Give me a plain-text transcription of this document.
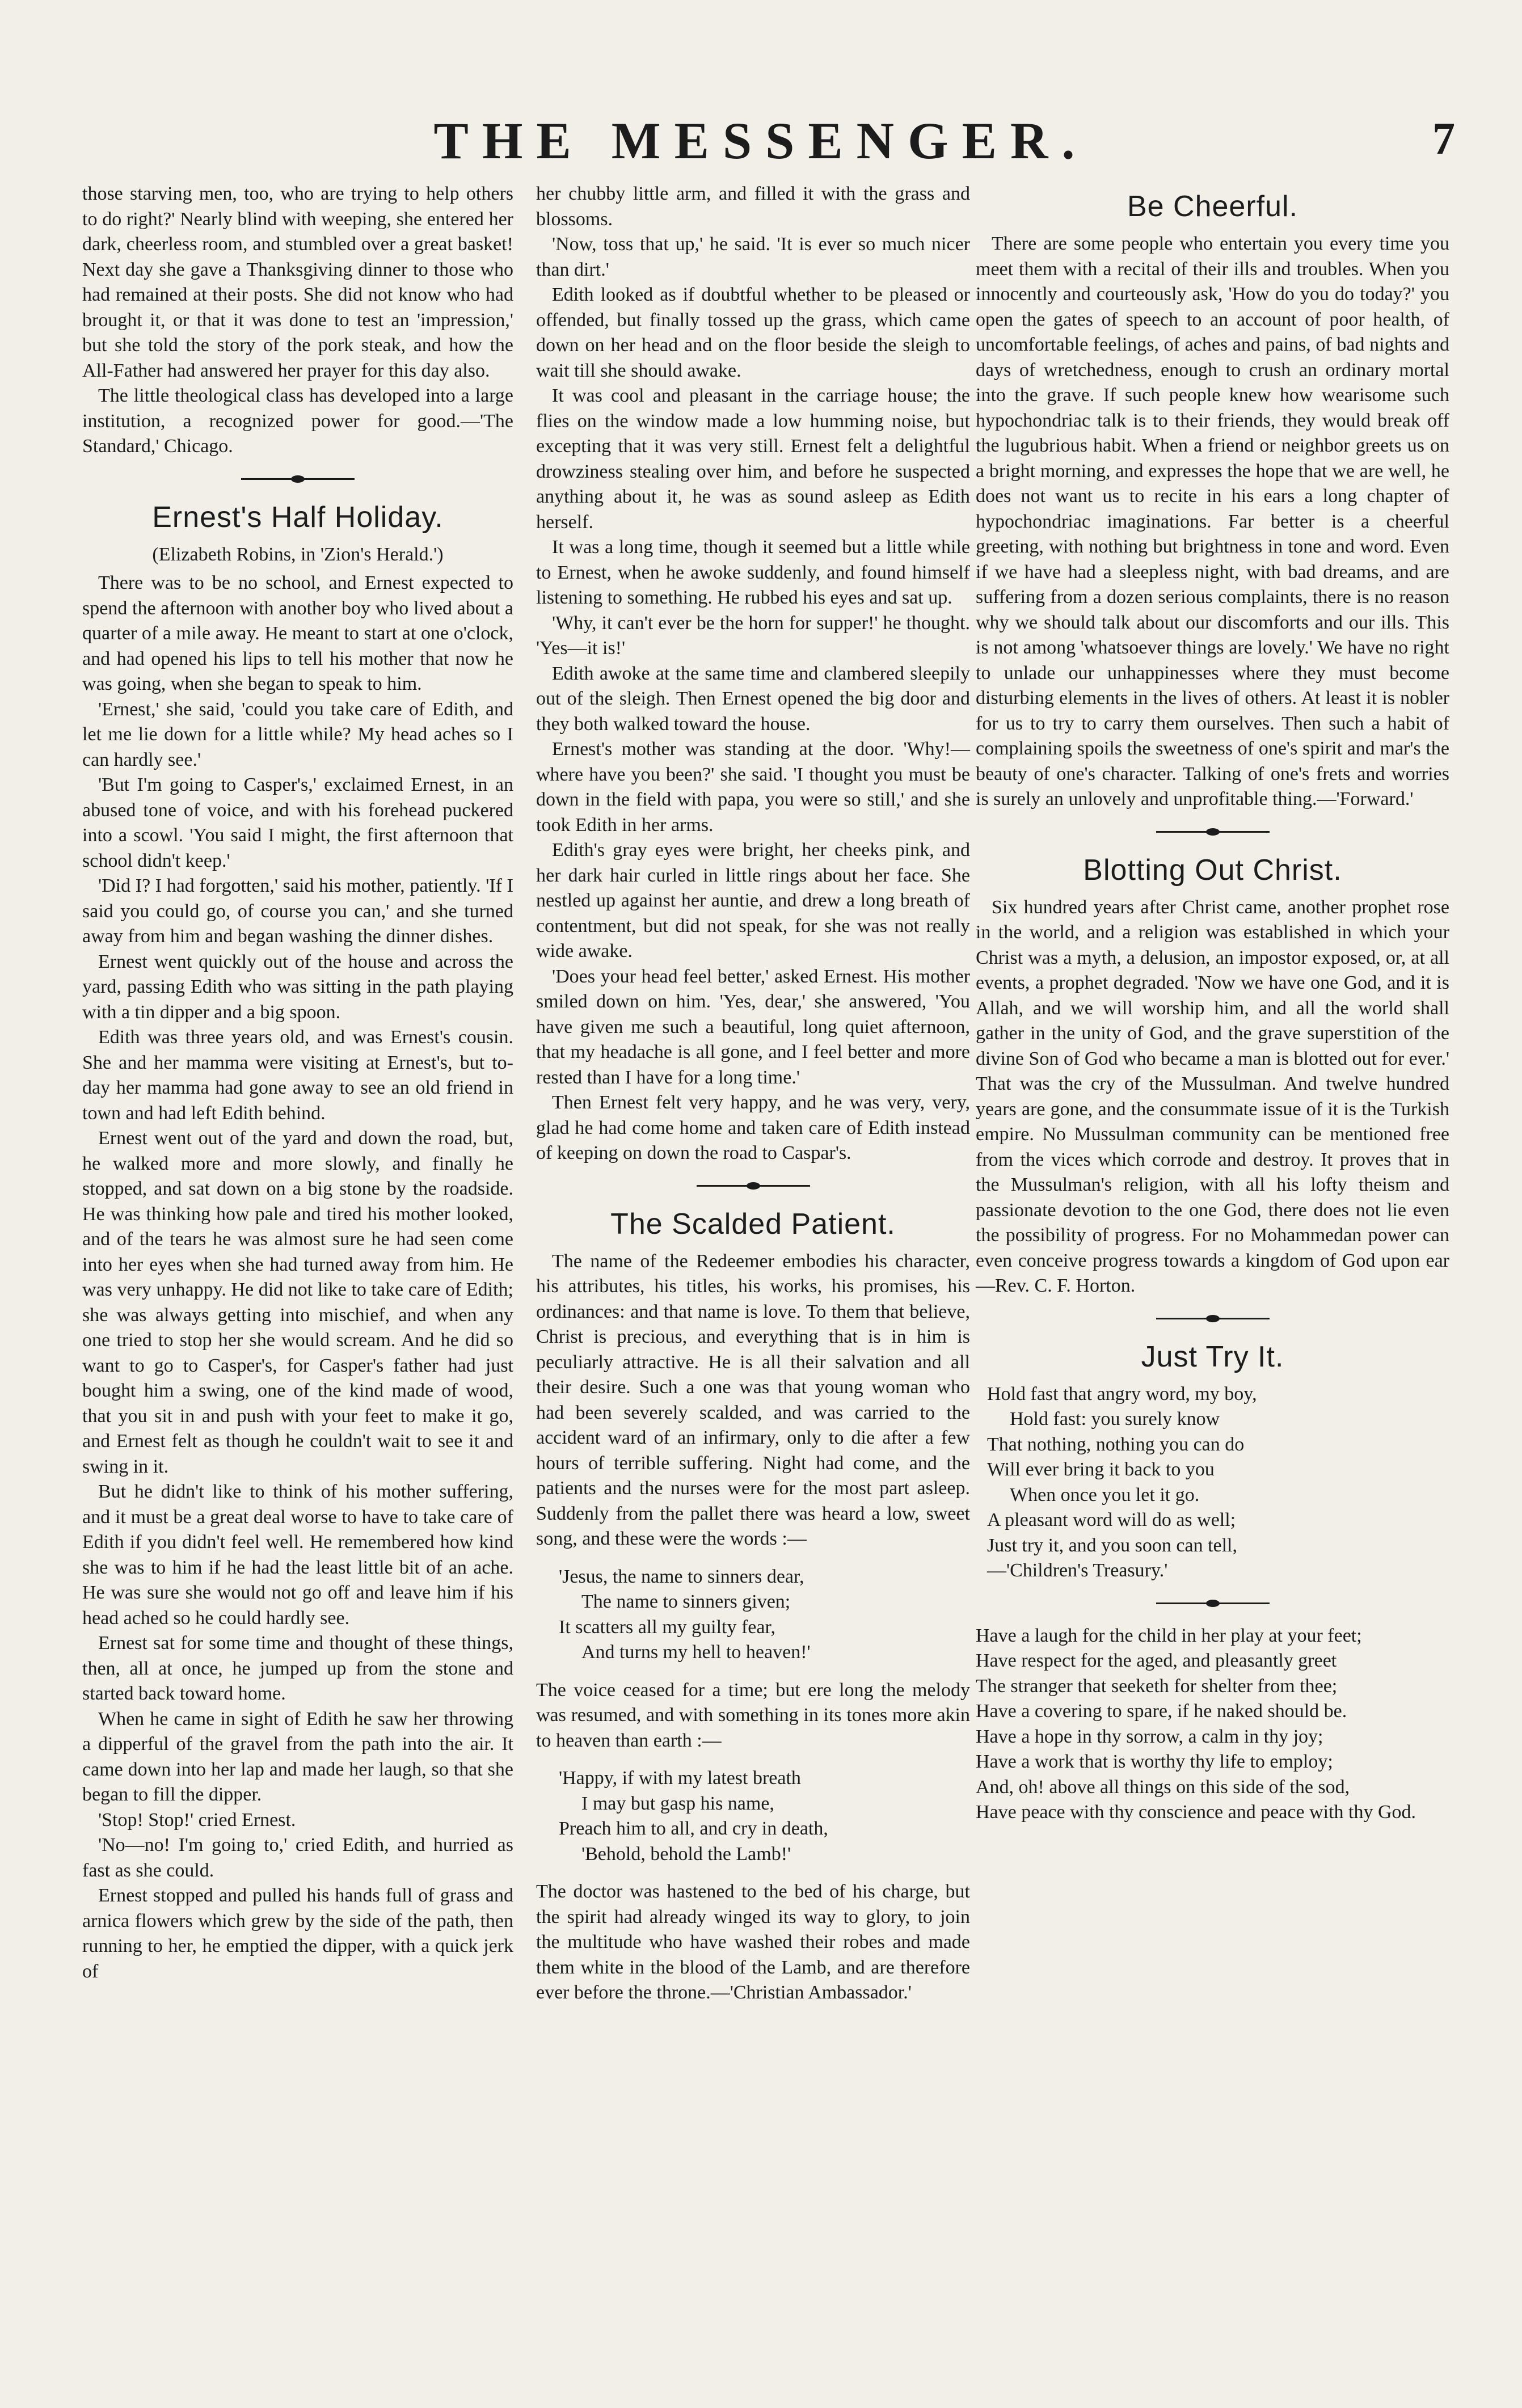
THE MESSENGER.	7

those starving men, too, who are trying to help others to do right?' Nearly blind with weeping, she entered her dark, cheerless room, and stumbled over a great basket! Next day she gave a Thanksgiving dinner to those who had remained at their posts. She did not know who had brought it, or that it was done to test an 'impression,' but she told the story of the pork steak, and how the All-Father had answered her prayer for this day also.

The little theological class has developed into a large institution, a recognized power for good.—'The Standard,' Chicago.

Ernest's Half Holiday.
(Elizabeth Robins, in 'Zion's Herald.')

There was to be no school, and Ernest expected to spend the afternoon with another boy who lived about a quarter of a mile away. He meant to start at one o'clock, and had opened his lips to tell his mother that now he was going, when she began to speak to him.

'Ernest,' she said, 'could you take care of Edith, and let me lie down for a little while? My head aches so I can hardly see.'

'But I'm going to Casper's,' exclaimed Ernest, in an abused tone of voice, and with his forehead puckered into a scowl. 'You said I might, the first afternoon that school didn't keep.'

'Did I? I had forgotten,' said his mother, patiently. 'If I said you could go, of course you can,' and she turned away from him and began washing the dinner dishes.

Ernest went quickly out of the house and across the yard, passing Edith who was sitting in the path playing with a tin dipper and a big spoon.

Edith was three years old, and was Ernest's cousin. She and her mamma were visiting at Ernest's, but to-day her mamma had gone away to see an old friend in town and had left Edith behind.

Ernest went out of the yard and down the road, but, he walked more and more slowly, and finally he stopped, and sat down on a big stone by the roadside. He was thinking how pale and tired his mother looked, and of the tears he was almost sure he had seen come into her eyes when she had turned away from him. He was very unhappy. He did not like to take care of Edith; she was always getting into mischief, and when any one tried to stop her she would scream. And he did so want to go to Casper's, for Casper's father had just bought him a swing, one of the kind made of wood, that you sit in and push with your feet to make it go, and Ernest felt as though he couldn't wait to see it and swing in it.

But he didn't like to think of his mother suffering, and it must be a great deal worse to have to take care of Edith if you didn't feel well. He remembered how kind she was to him if he had the least little bit of an ache. He was sure she would not go off and leave him if his head ached so he could hardly see.

Ernest sat for some time and thought of these things, then, all at once, he jumped up from the stone and started back toward home.

When he came in sight of Edith he saw her throwing a dipperful of the gravel from the path into the air. It came down into her lap and made her laugh, so that she began to fill the dipper.

'Stop! Stop!' cried Ernest.

'No—no! I'm going to,' cried Edith, and hurried as fast as she could.

Ernest stopped and pulled his hands full of grass and arnica flowers which grew by the side of the path, then running to her, he emptied the dipper, with a quick jerk of

her chubby little arm, and filled it with the grass and blossoms.

'Now, toss that up,' he said. 'It is ever so much nicer than dirt.'

Edith looked as if doubtful whether to be pleased or offended, but finally tossed up the grass, which came down on her head and on the floor beside the sleigh to wait till she should awake.

It was cool and pleasant in the carriage house; the flies on the window made a low humming noise, but excepting that it was very still. Ernest felt a delightful drowziness stealing over him, and before he suspected anything about it, he was as sound asleep as Edith herself.

It was a long time, though it seemed but a little while to Ernest, when he awoke suddenly, and found himself listening to something. He rubbed his eyes and sat up.

'Why, it can't ever be the horn for supper!' he thought. 'Yes—it is!'

Edith awoke at the same time and clambered sleepily out of the sleigh. Then Ernest opened the big door and they both walked toward the house.

Ernest's mother was standing at the door. 'Why!—where have you been?' she said. 'I thought you must be down in the field with papa, you were so still,' and she took Edith in her arms.

Edith's gray eyes were bright, her cheeks pink, and her dark hair curled in little rings about her face. She nestled up against her auntie, and drew a long breath of contentment, but did not speak, for she was not really wide awake.

'Does your head feel better,' asked Ernest. His mother smiled down on him. 'Yes, dear,' she answered, 'You have given me such a beautiful, long quiet afternoon, that my headache is all gone, and I feel better and more rested than I have for a long time.'

Then Ernest felt very happy, and he was very, very, glad he had come home and taken care of Edith instead of keeping on down the road to Caspar's.

The Scalded Patient.

The name of the Redeemer embodies his character, his attributes, his titles, his works, his promises, his ordinances: and that name is love. To them that believe, Christ is precious, and everything that is in him is peculiarly attractive. He is all their salvation and all their desire. Such a one was that young woman who had been severely scalded, and was carried to the accident ward of an infirmary, only to die after a few hours of terrible suffering. Night had come, and the patients and the nurses were for the most part asleep. Suddenly from the pallet there was heard a low, sweet song, and these were the words :—

'Jesus, the name to sinners dear,
The name to sinners given;
It scatters all my guilty fear,
And turns my hell to heaven!'

The voice ceased for a time; but ere long the melody was resumed, and with something in its tones more akin to heaven than earth :—

'Happy, if with my latest breath
I may but gasp his name,
Preach him to all, and cry in death,
'Behold, behold the Lamb!'

The doctor was hastened to the bed of his charge, but the spirit had already winged its way to glory, to join the multitude who have washed their robes and made them white in the blood of the Lamb, and are therefore ever before the throne.—'Christian Ambassador.'

Be Cheerful.

There are some people who entertain you every time you meet them with a recital of their ills and troubles. When you innocently and courteously ask, 'How do you do today?' you open the gates of speech to an account of poor health, of uncomfortable feelings, of aches and pains, of bad nights and days of wretchedness, enough to crush an ordinary mortal into the grave. If such people knew how wearisome such hypochondriac talk is to their friends, they would break off the lugubrious habit. When a friend or neighbor greets us on a bright morning, and expresses the hope that we are well, he does not want us to recite in his ears a long chapter of hypochondriac imaginations. Far better is a cheerful greeting, with nothing but brightness in tone and word. Even if we have had a sleepless night, with bad dreams, and are suffering from a dozen serious complaints, there is no reason why we should talk about our discomforts and our ills. This is not among 'whatsoever things are lovely.' We have no right to unlade our unhappinesses where they must become disturbing elements in the lives of others. At least it is nobler for us to try to carry them ourselves. Then such a habit of complaining spoils the sweetness of one's spirit and mar's the beauty of one's character. Talking of one's frets and worries is surely an unlovely and unprofitable thing.—'Forward.'

Blotting Out Christ.

Six hundred years after Christ came, another prophet rose in the world, and a religion was established in which your Christ was a myth, a delusion, an impostor exposed, or, at all events, a prophet degraded. 'Now we have one God, and it is Allah, and we will worship him, and all the world shall gather in the unity of God, and the grave superstition of the divine Son of God who became a man is blotted out for ever.' That was the cry of the Mussulman. And twelve hundred years are gone, and the consummate issue of it is the Turkish empire. No Mussulman community can be mentioned free from the vices which corrode and destroy. It proves that in the Mussulman's religion, with all his lofty theism and passionate devotion to the one God, there does not lie even the possibility of progress. For no Mohammedan power can even conceive progress towards a kingdom of God upon ear —Rev. C. F. Horton.

Just Try It.
Hold fast that angry word, my boy,
Hold fast: you surely know
That nothing, nothing you can do
Will ever bring it back to you
When once you let it go.
A pleasant word will do as well;
Just try it, and you soon can tell,
—'Children's Treasury.'
Have a laugh for the child in her play at your feet;
Have respect for the aged, and pleasantly greet
The stranger that seeketh for shelter from thee;
Have a covering to spare, if he naked should be.
Have a hope in thy sorrow, a calm in thy joy;
Have a work that is worthy thy life to employ;
And, oh! above all things on this side of the sod,
Have peace with thy conscience and peace with thy God.
